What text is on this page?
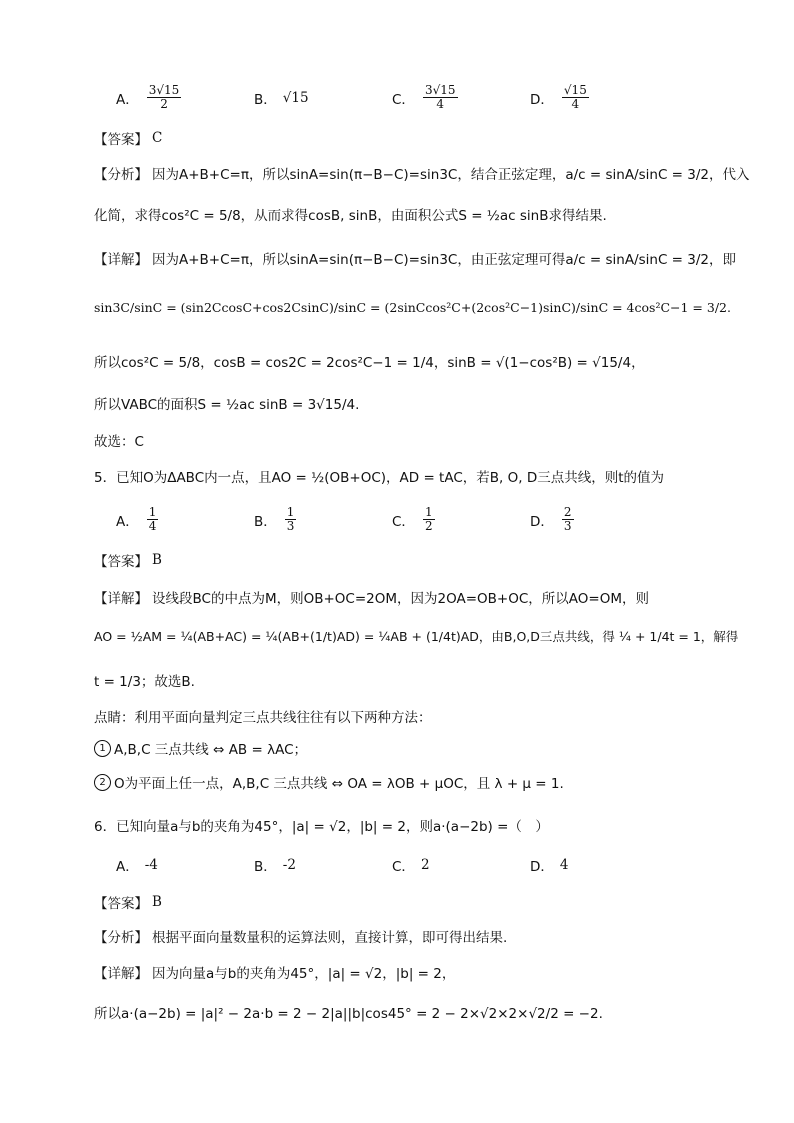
A． $\frac{3√15}{2}$	B． √15	C． $\frac{3√15}{4}$	D． $\frac{√15}{4}$
【答案】 C
【分析】 因为A+B+C=π，所以sinA=sin(π−B−C)=sin3C，结合正弦定理，a/c = sinA/sinC = 3/2，代入
化简，求得cos²C = 5/8，从而求得cosB, sinB，由面积公式S = ½ac sinB求得结果.
【详解】 因为A+B+C=π，所以sinA=sin(π−B−C)=sin3C，由正弦定理可得a/c = sinA/sinC = 3/2，即
sin3C/sinC = (sin2CcosC+cos2CsinC)/sinC = (2sinCcos²C+(2cos²C−1)sinC)/sinC = 4cos²C−1 = 3/2.
所以cos²C = 5/8，cosB = cos2C = 2cos²C−1 = 1/4，sinB = √(1−cos²B) = √15/4，
所以VABC的面积S = ½ac sinB = 3√15/4.
故选：C
5．已知O为ΔABC内一点，且AO = ½(OB+OC)，AD = tAC，若B, O, D三点共线，则t的值为
A． $\frac{1}{4}$	B． $\frac{1}{3}$	C． $\frac{1}{2}$	D． $\frac{2}{3}$
【答案】 B
【详解】 设线段BC的中点为M，则OB+OC=2OM，因为2OA=OB+OC，所以AO=OM，则
AO = ½AM = ¼(AB+AC) = ¼(AB+(1/t)AD) = ¼AB + (1/4t)AD，由B,O,D三点共线，得 ¼ + 1/4t = 1，解得
t = 1/3；故选B.
点睛：利用平面向量判定三点共线往往有以下两种方法：
1 A,B,C 三点共线 ⇔ AB = λAC；
2 O为平面上任一点，A,B,C 三点共线 ⇔ OA = λOB + μOC，且 λ + μ = 1.
6．已知向量a与b的夹角为45°，|a| = √2，|b| = 2，则a·(a−2b) =（　）
A． -4	B． -2	C． 2	D． 4
【答案】 B
【分析】 根据平面向量数量积的运算法则，直接计算，即可得出结果.
【详解】 因为向量a与b的夹角为45°，|a| = √2，|b| = 2，
所以a·(a−2b) = |a|² − 2a·b = 2 − 2|a||b|cos45° = 2 − 2×√2×2×√2/2 = −2.
